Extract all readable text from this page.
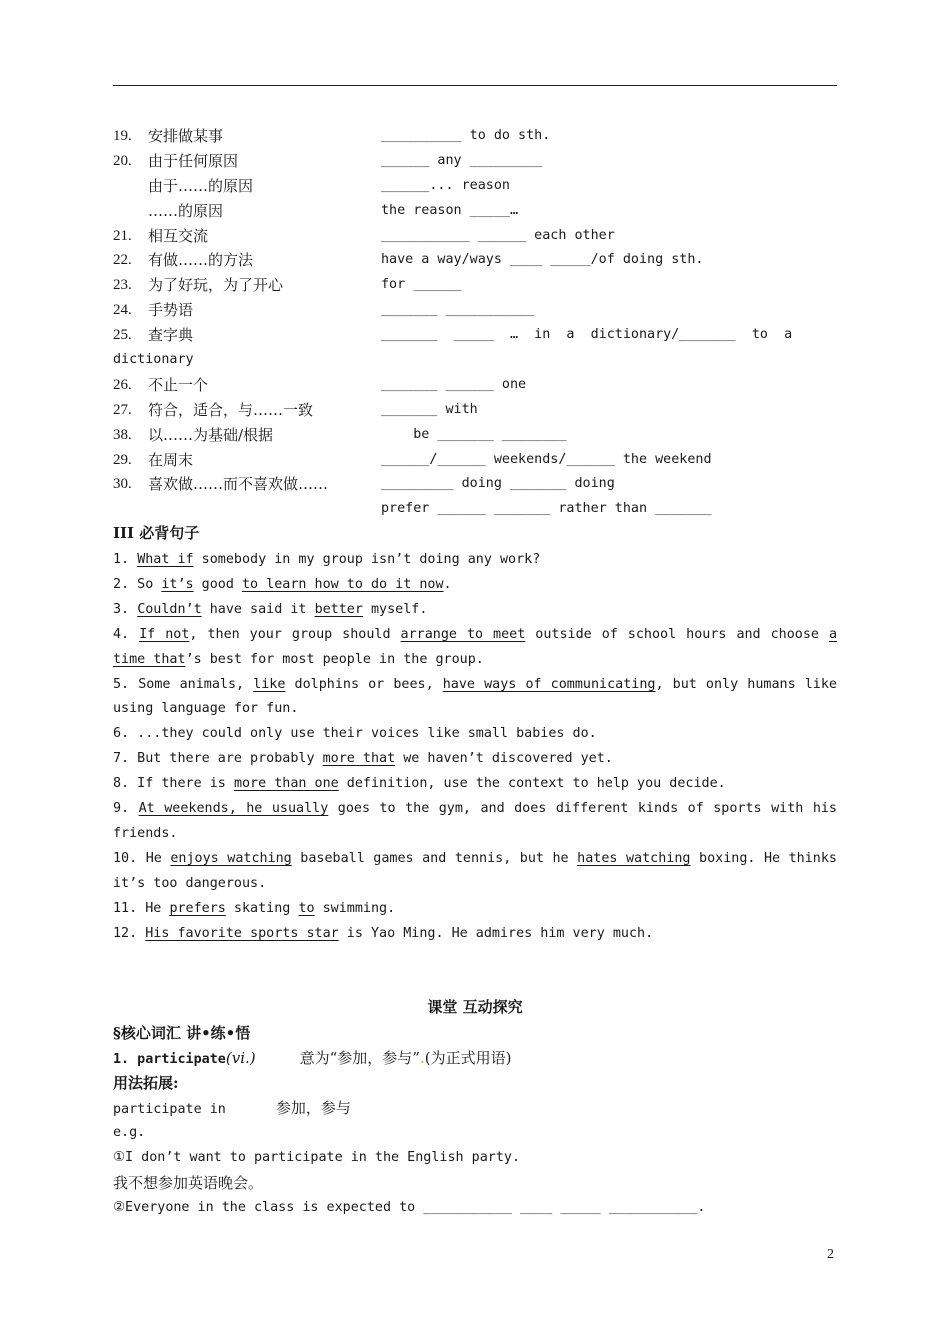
19. 安排做某事	__________ to do sth.
20. 由于任何原因	______ any _________
由于……的原因	______... reason
……的原因	the reason _____…
21. 相互交流	___________ ______ each other
22. 有做……的方法	have a way/ways ____ _____/of doing sth.
23. 为了好玩，为了开心	for ______
24. 手势语	_______ ___________
25. 查字典	_______  _____  …  in  a  dictionary/_______  to  a
dictionary
26. 不止一个	_______ ______ one
27. 符合，适合，与……一致	_______ with
38. 以……为基础/根据	be _______ ________
29. 在周末	______/______ weekends/______ the weekend
30. 喜欢做……而不喜欢做……	_________ doing _______ doing
prefer ______ _______ rather than _______
III 必背句子
1. What if somebody in my group isn’t doing any work?
2. So it’s good to learn how to do it now.
3. Couldn’t have said it better myself.
4. If not, then your group should arrange to meet outside of school hours and choose a time that’s best for most people in the group.
5. Some animals, like dolphins or bees, have ways of communicating, but only humans like using language for fun.
6. ...they could only use their voices like small babies do.
7. But there are probably more that we haven’t discovered yet.
8. If there is more than one definition, use the context to help you decide.
9. At weekends, he usually goes to the gym, and does different kinds of sports with his friends.
10. He enjoys watching baseball games and tennis, but he hates watching boxing. He thinks it’s too dangerous.
11. He prefers skating to swimming.
12. His favorite sports star is Yao Ming. He admires him very much.
课堂 互动探究
§核心词汇 讲•练•悟
1. participate(vi.)	意为“参加，参与”.(为正式用语)
用法拓展:
participate in	参加，参与
e.g.
①I don’t want to participate in the English party.
我不想参加英语晚会。
②Everyone in the class is expected to ___________ ____ _____ ___________.
2
